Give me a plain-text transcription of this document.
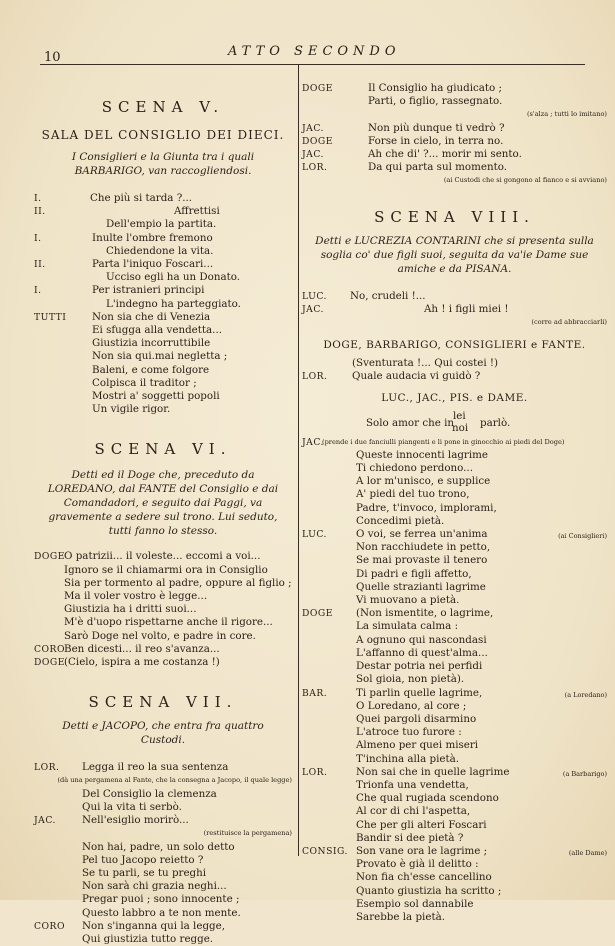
10	ATTO SECONDO
SCENA V.
SALA DEL CONSIGLIO DEI DIECI.
I Consiglieri e la Giunta tra i quali BARBARIGO, van raccogliendosi.
I.	Che più si tarda ?...
II.	Affrettisi
Dell'empio la partita.
I.	Inulte l'ombre fremono
Chiedendone la vita.
II.	Parta l'iniquo Foscari...
Ucciso egli ha un Donato.
I.	Per istranieri principi
L'indegno ha parteggiato.
TUTTI	Non sia che di Venezia
Ei sfugga alla vendetta...
Giustizia incorruttibile
Non sia qui.mai negletta ;
Baleni, e come folgore
Colpisca il traditor ;
Mostri a' soggetti popoli
Un vigile rigor.
SCENA VI.
Detti ed il Doge che, preceduto da LOREDANO, dal FANTE del Consiglio e dai Comandadori, e seguito dai Paggi, va gravemente a sedere sul trono. Lui seduto, tutti fanno lo stesso.
DOGE O patrizii... il voleste... eccomi a voi...
Ignoro se il chiamarmi ora in Consiglio
Sia per tormento al padre, oppure al figlio ;
Ma il voler vostro è legge...
Giustizia ha i dritti suoi...
M'è d'uopo rispettarne anche il rigore...
Sarò Doge nel volto, e padre in core.
CORO
Ben dicesti... il reo s'avanza...
DOGE (Cielo, ispira a me costanza !)
SCENA VII.
Detti e JACOPO, che entra fra quattro Custodi.
LOR.	Legga il reo la sua sentenza
(dà una pergamena al Fante, che la consegna a Jacopo, il quale legge)
Del Consiglio la clemenza
Qui la vita ti serbò.
JAC.	Nell'esiglio morirò...
(restituisce la pergamena)
Non hai, padre, un solo detto
Pel tuo Jacopo reietto ?
Se tu parli, se tu preghi
Non sarà chi grazia neghi...
Pregar puoi ; sono innocente ;
Questo labbro a te non mente.
CORO	Non s'inganna qui la legge,
Qui giustizia tutto regge.
DOGE	Il Consiglio ha giudicato ;
Parti, o figlio, rassegnato.
(s'alza ; tutti lo imitano)
JAC.	Non più dunque ti vedrò ?
DOGE	Forse in cielo, in terra no.
JAC.	Ah che di' ?... morir mi sento.
LOR.	Da qui parta sul momento.
(ai Custodi che si gongono al fianco e si avviano)
SCENA VIII.
Detti e LUCREZIA CONTARINI che si presenta sulla soglia co' due figli suoi, seguita da va'ie Dame sue amiche e da PISANA.
LUC.	No, crudeli !...
JAC.	Ah ! i figli miei !
(corre ad abbracciarli)
DOGE, BARBARIGO, CONSIGLIERI e FANTE.
(Sventurata !... Qui costei !)
LOR.	Quale audacia vi guidò ?
LUC., JAC., PIS. e DAME.
Solo amor che in
lei
noi parlò.
JAC.
(prende i due fanciulli piangenti e li pone in ginocchio ai piedi del Doge)
Queste innocenti lagrime
Ti chiedono perdono...
A lor m'unisco, e supplice
A' piedi del tuo trono,
Padre, t'invoco, implorami,
Concedimi pietà.
LUC.	O voi, se ferrea un'anima	(ai Consiglieri)
Non racchiudete in petto,
Se mai provaste il tenero
Di padri e figli affetto,
Quelle strazianti lagrime
Vi muovano a pietà.
DOGE	(Non ismentite, o lagrime,
La simulata calma :
A ognuno qui nascondasi
L'affanno di quest'alma...
Destar potria nei perfidi
Sol gioia, non pietà).
BAR.	Ti parlin quelle lagrime,	(a Loredano)
O Loredano, al core ;
Quei pargoli disarmino
L'atroce tuo furore :
Almeno per quei miseri
T'inchina alla pietà.
LOR.	Non sai che in quelle lagrime	(a Barbarigo)
Trionfa una vendetta,
Che qual rugiada scendono
Al cor di chi l'aspetta,
Che per gli alteri Foscari
Bandir si dee pietà ?
CONSIG. Son vane ora le lagrime ;	(alle Dame)
Provato è già il delitto :
Non fia ch'esse cancellino
Quanto giustizia ha scritto ;
Esempio sol dannabile
Sarebbe la pietà.
